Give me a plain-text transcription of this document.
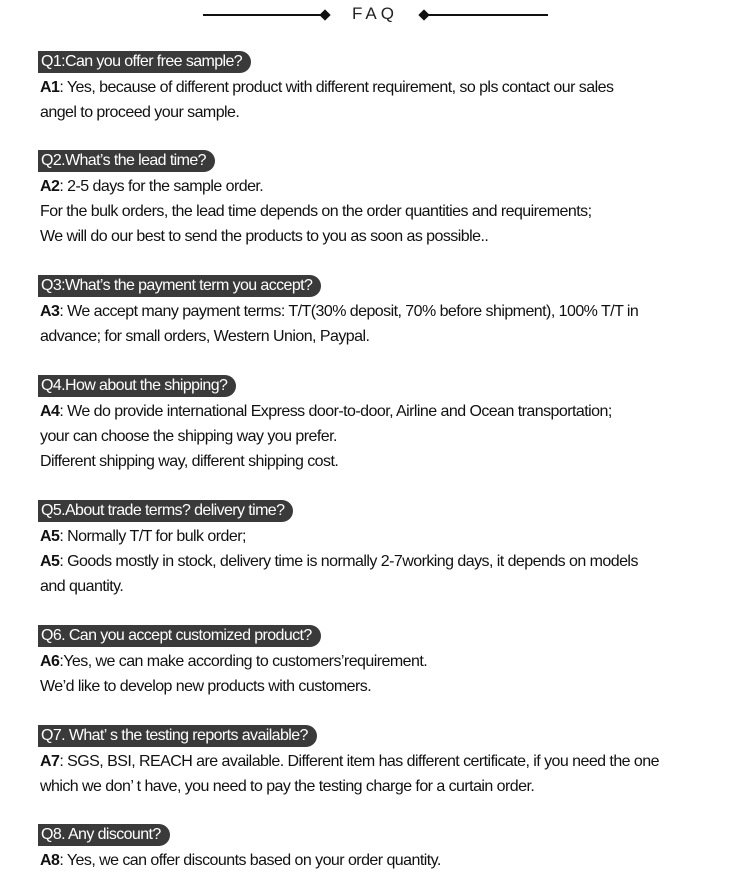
FAQ
Q1:Can you offer free sample?

A1: Yes, because of different product with different requirement, so pls contact our sales

angel to proceed your sample.

Q2.What’s the lead time?

A2: 2-5 days for the sample order.

For the bulk orders, the lead time depends on the order quantities and requirements;

We will do our best to send the products to you as soon as possible..

Q3:What’s the payment term you accept?

A3: We accept many payment terms: T/T(30% deposit, 70% before shipment), 100% T/T in

advance; for small orders, Western Union, Paypal.

Q4.How about the shipping?

A4: We do provide international Express door-to-door, Airline and Ocean transportation;

your can choose the shipping way you prefer.

Different shipping way, different shipping cost.

Q5.About trade terms? delivery time?

A5: Normally T/T for bulk order;

A5: Goods mostly in stock, delivery time is normally 2-7working days, it depends on models

and quantity.

Q6. Can you accept customized product?

A6:Yes, we can make according to customers’requirement.

We’d like to develop new products with customers.

Q7. What’ s the testing reports available?

A7: SGS, BSI, REACH are available. Different item has different certificate, if you need the one

which we don’ t have, you need to pay the testing charge for a curtain order.

Q8. Any discount?

A8: Yes, we can offer discounts based on your order quantity.
